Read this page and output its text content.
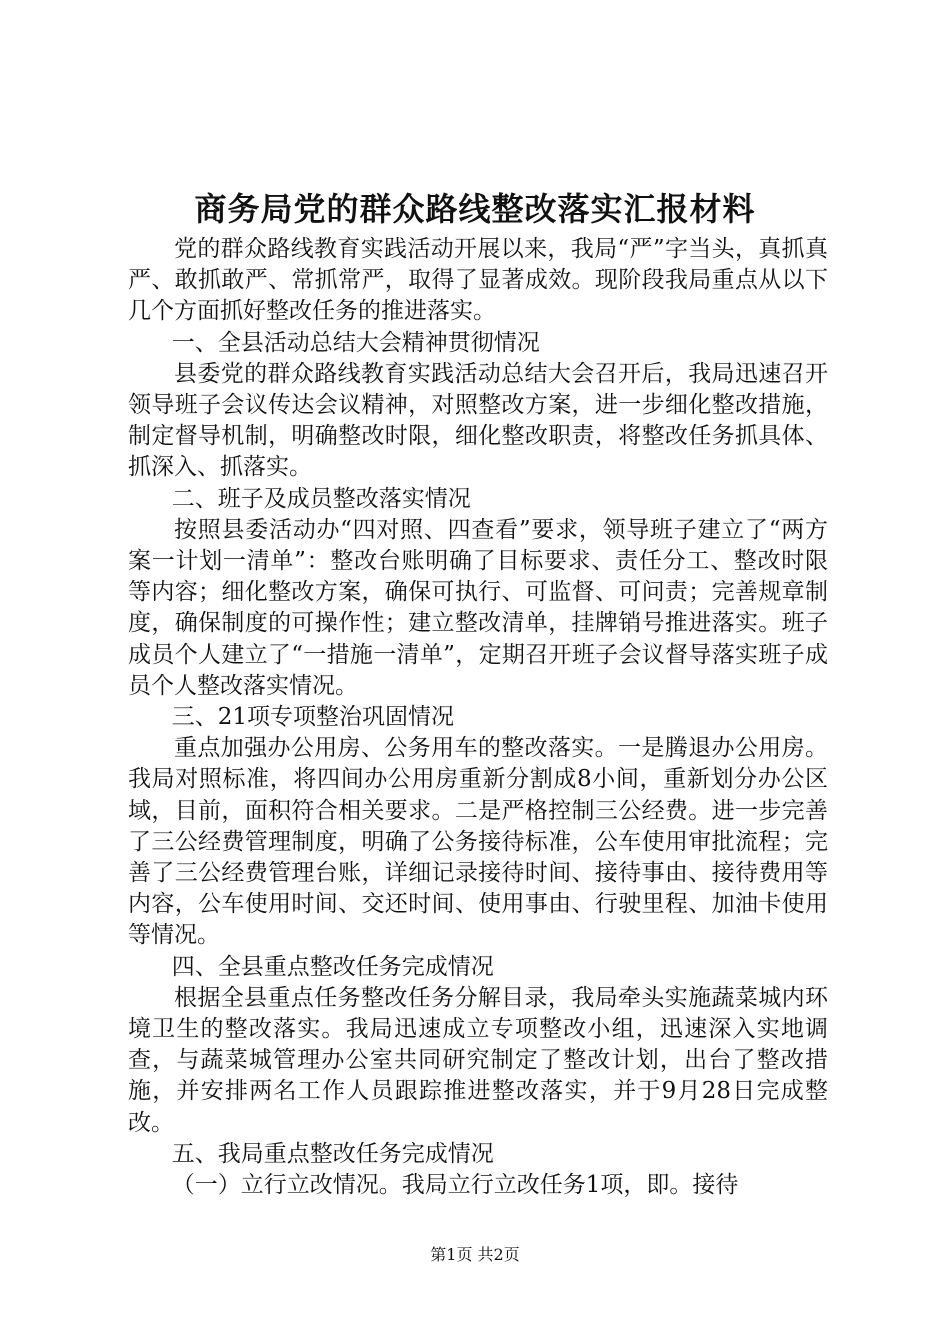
商务局党的群众路线整改落实汇报材料

党的群众路线教育实践活动开展以来，我局“严”字当头，真抓真严、敢抓敢严、常抓常严，取得了显著成效。现阶段我局重点从以下几个方面抓好整改任务的推进落实。

一、全县活动总结大会精神贯彻情况

县委党的群众路线教育实践活动总结大会召开后，我局迅速召开领导班子会议传达会议精神，对照整改方案，进一步细化整改措施，制定督导机制，明确整改时限，细化整改职责，将整改任务抓具体、抓深入、抓落实。

二、班子及成员整改落实情况

按照县委活动办“四对照、四查看”要求，领导班子建立了“两方案一计划一清单”：整改台账明确了目标要求、责任分工、整改时限等内容；细化整改方案，确保可执行、可监督、可问责；完善规章制度，确保制度的可操作性；建立整改清单，挂牌销号推进落实。班子成员个人建立了“一措施一清单”，定期召开班子会议督导落实班子成员个人整改落实情况。

三、21项专项整治巩固情况

重点加强办公用房、公务用车的整改落实。一是腾退办公用房。我局对照标准，将四间办公用房重新分割成8小间，重新划分办公区域，目前，面积符合相关要求。二是严格控制三公经费。进一步完善了三公经费管理制度，明确了公务接待标准，公车使用审批流程；完善了三公经费管理台账，详细记录接待时间、接待事由、接待费用等内容，公车使用时间、交还时间、使用事由、行驶里程、加油卡使用等情况。

四、全县重点整改任务完成情况

根据全县重点任务整改任务分解目录，我局牵头实施蔬菜城内环境卫生的整改落实。我局迅速成立专项整改小组，迅速深入实地调查，与蔬菜城管理办公室共同研究制定了整改计划，出台了整改措施，并安排两名工作人员跟踪推进整改落实，并于9月28日完成整改。

五、我局重点整改任务完成情况

（一）立行立改情况。我局立行立改任务1项，即。接待

第1页 共2页
